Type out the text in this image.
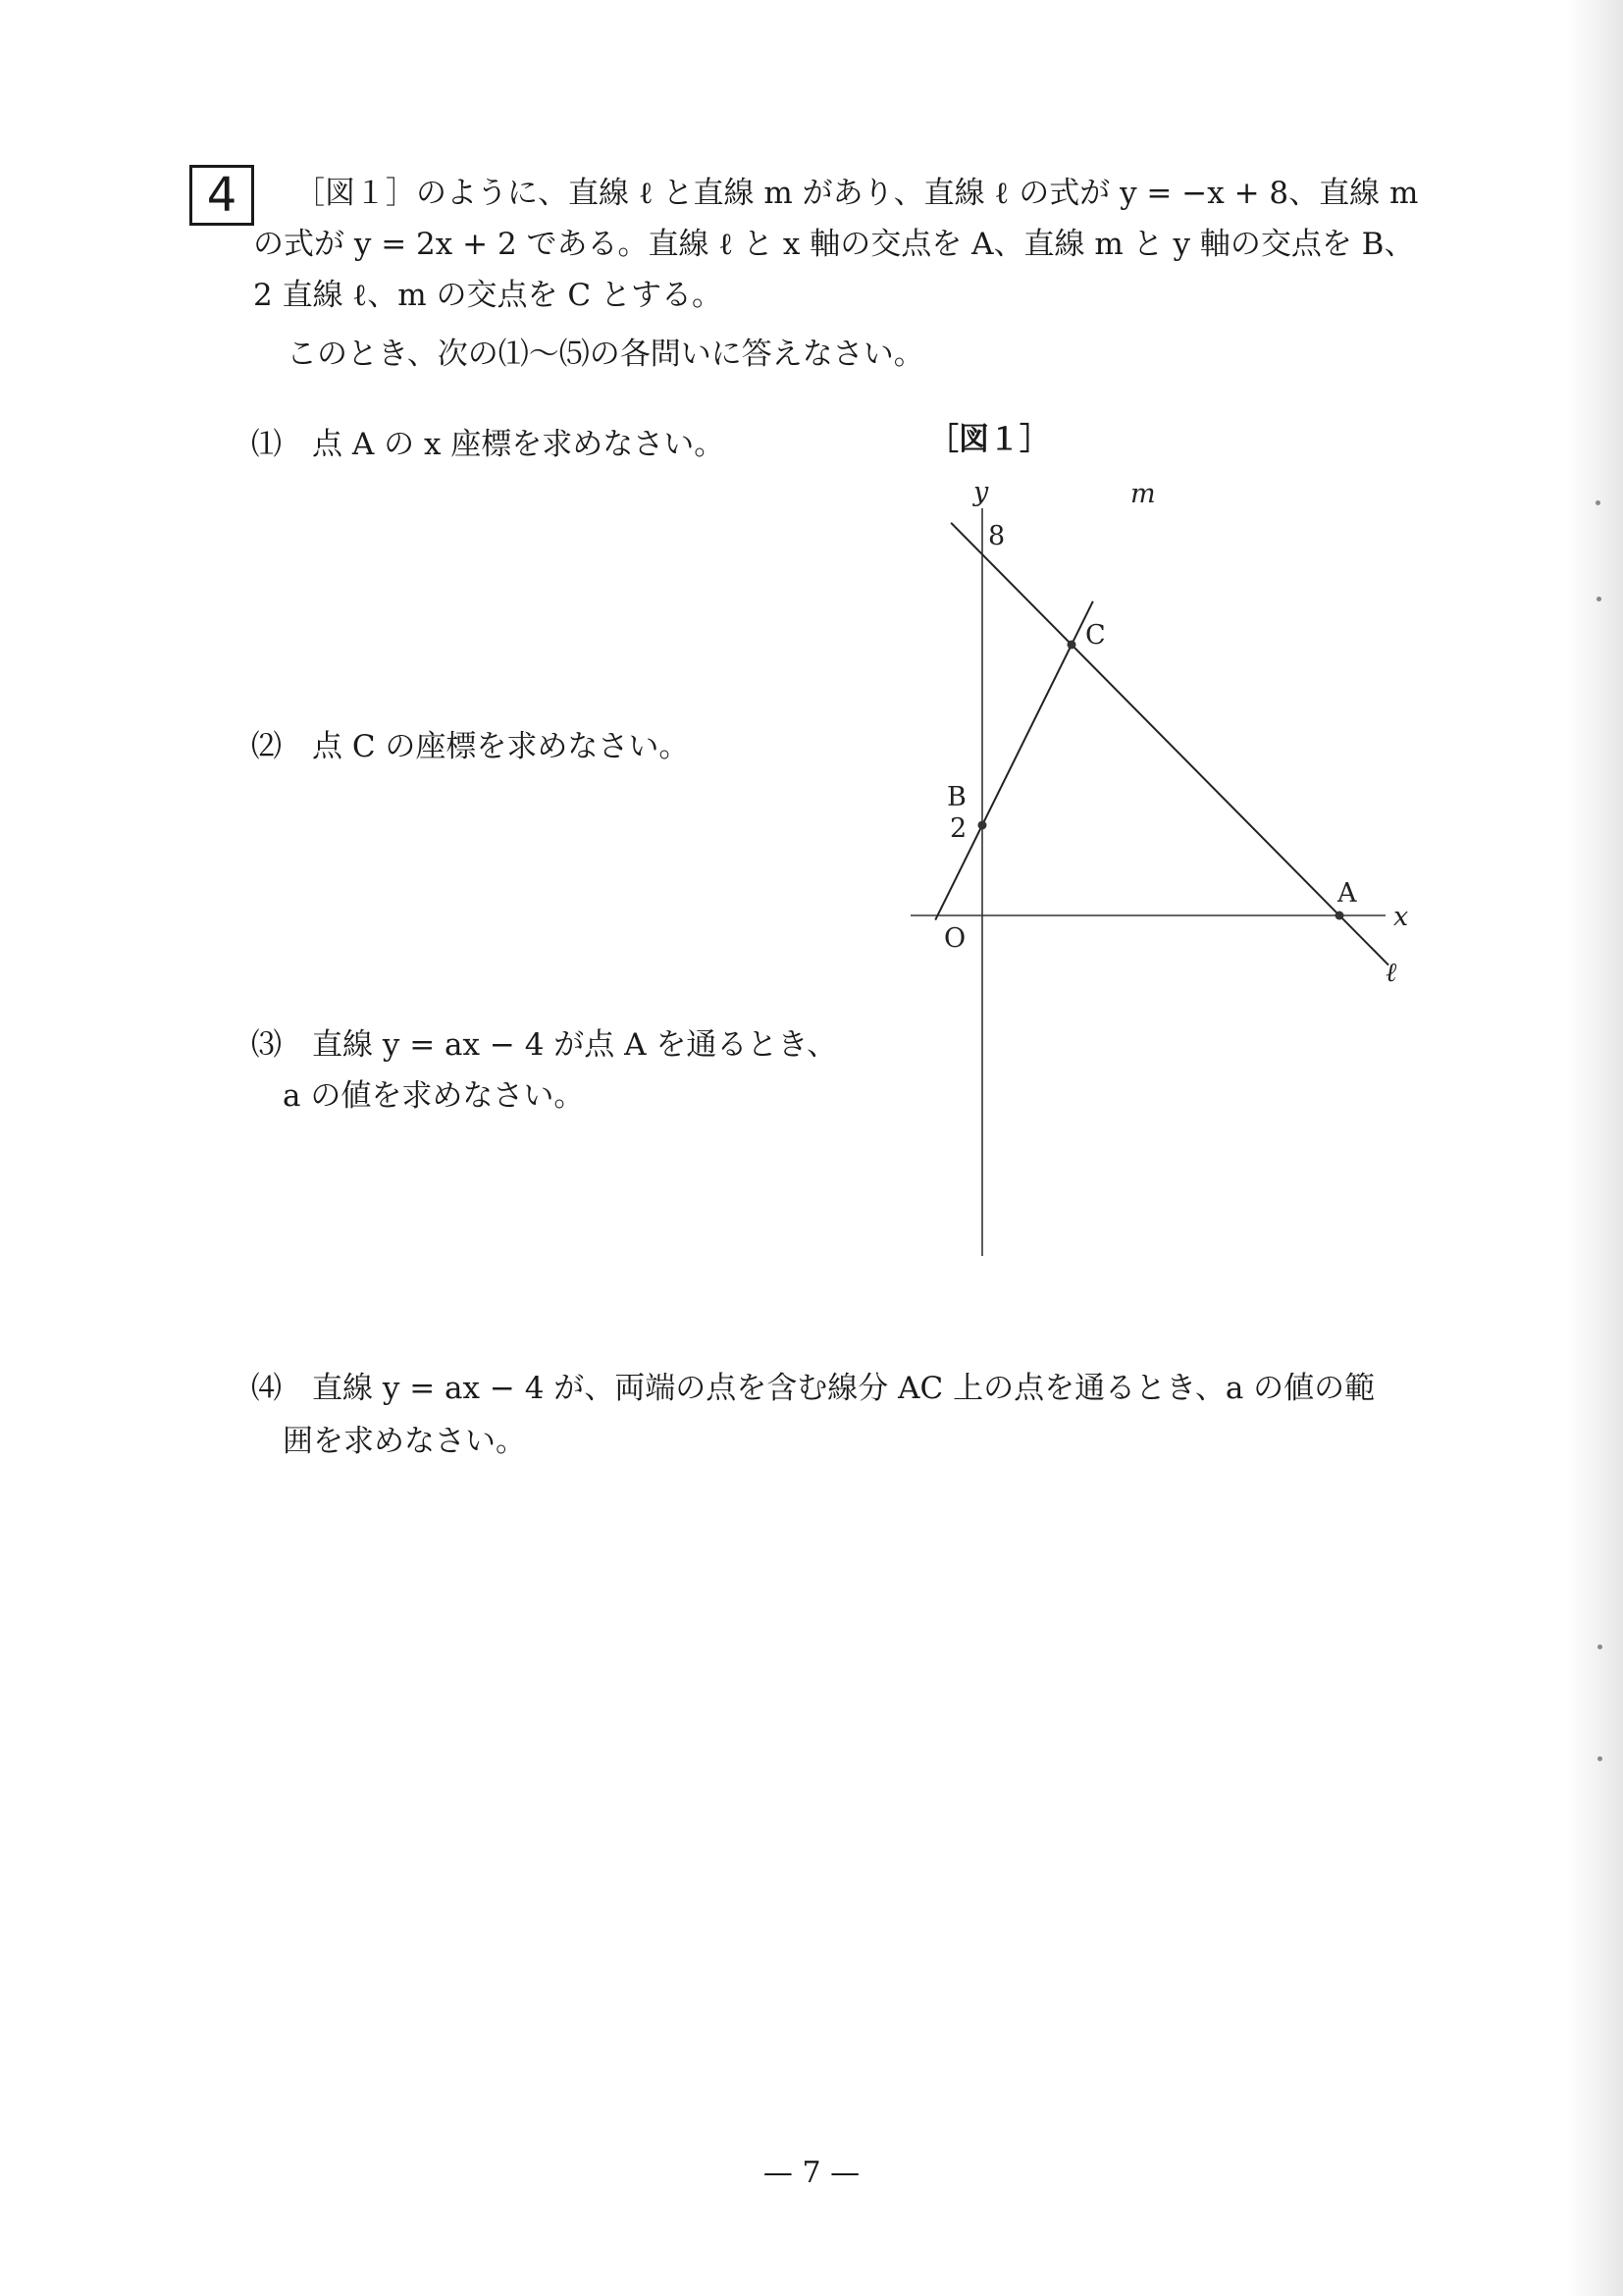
4	［図１］のように、直線 ℓ と直線 m があり、直線 ℓ の式が y = −x + 8、直線 m
の式が y = 2x + 2 である。直線 ℓ と x 軸の交点を A、直線 m と y 軸の交点を B、
2 直線 ℓ、m の交点を C とする。
このとき、次の⑴〜⑸の各問いに答えなさい。
⑴ 点 A の x 座標を求めなさい。
⑵ 点 C の座標を求めなさい。
⑶ 直線 y = ax − 4 が点 A を通るとき、
a の値を求めなさい。
⑷ 直線 y = ax − 4 が、両端の点を含む線分 AC 上の点を通るとき、a の値の範
囲を求めなさい。
［図１］
y
x
O
m
ℓ
8
2
B
C
A
— 7 —
